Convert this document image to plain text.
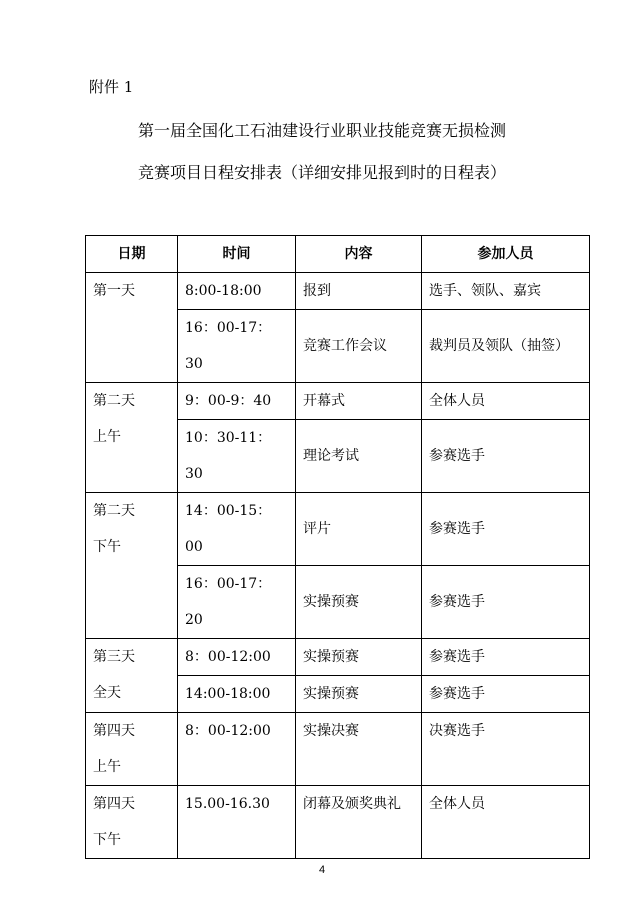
附件 1
第一届全国化工石油建设行业职业技能竞赛无损检测
竞赛项目日程安排表（详细安排见报到时的日程表）
日期	时间	内容	参加人员

第一天	8:00-18:00	报到	选手、领队、嘉宾
	16：00-17：30	竞赛工作会议	裁判员及领队（抽签）

第二天
上午	9：00-9：40	开幕式	全体人员
	10：30-11：30	理论考试	参赛选手

第二天
下午	14：00-15：00	评片	参赛选手
	16：00-17：20	实操预赛	参赛选手

第三天
全天	8：00-12:00	实操预赛	参赛选手
	14:00-18:00	实操预赛	参赛选手

第四天
上午	8：00-12:00	实操决赛	决赛选手

第四天
下午	15.00-16.30	闭幕及颁奖典礼	全体人员
4
